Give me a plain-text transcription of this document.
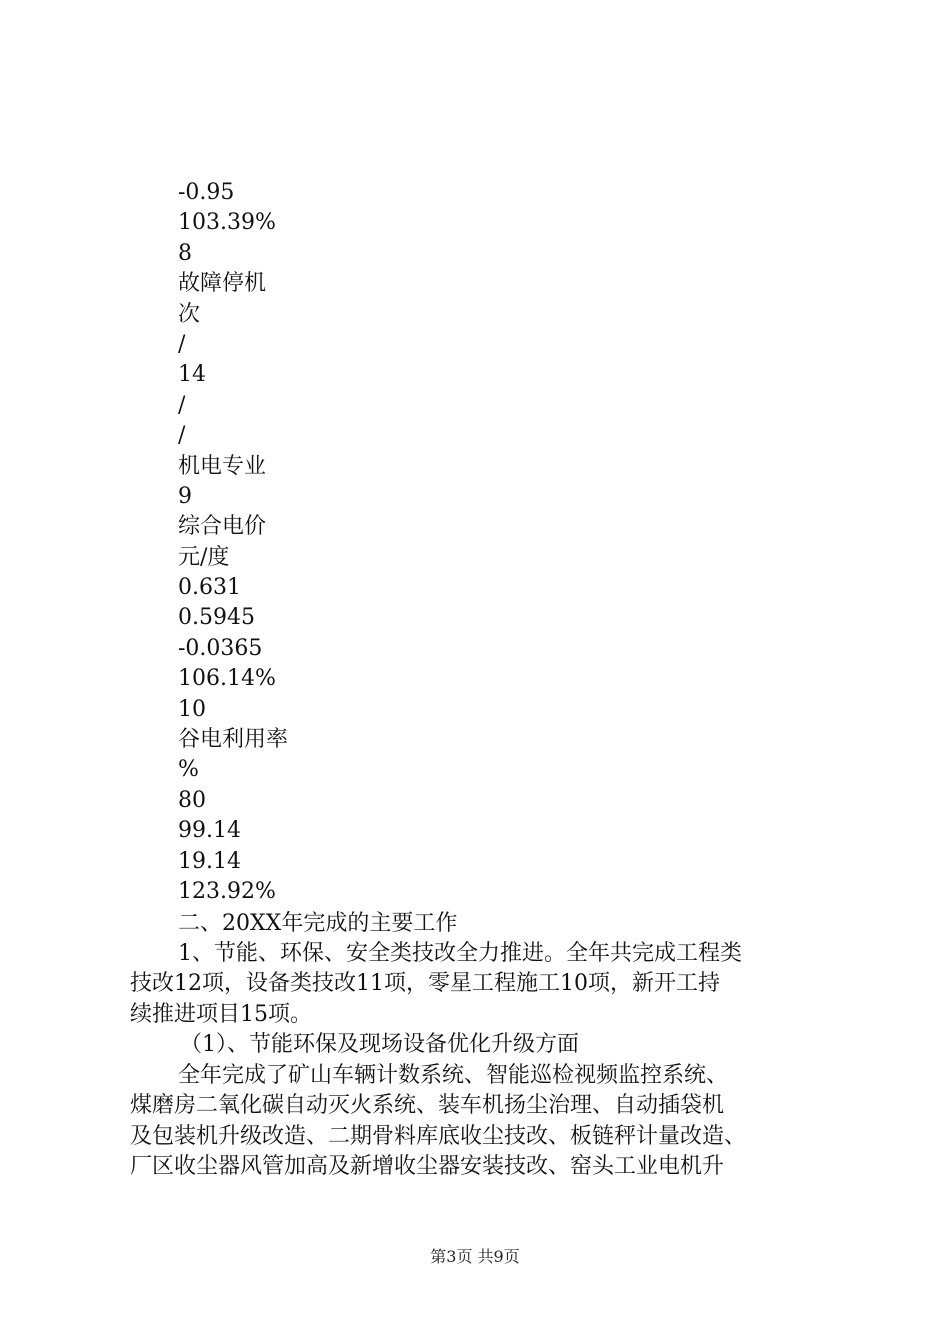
-0.95
103.39%
8
故障停机
次
/
14
/
/
机电专业
9
综合电价
元/度
0.631
0.5945
-0.0365
106.14%
10
谷电利用率
%
80
99.14
19.14
123.92%

二、20XX年完成的主要工作

1、节能、环保、安全类技改全力推进。全年共完成工程类

技改12项，设备类技改11项，零星工程施工10项，新开工持

续推进项目15项。

（1）、节能环保及现场设备优化升级方面

全年完成了矿山车辆计数系统、智能巡检视频监控系统、

煤磨房二氧化碳自动灭火系统、装车机扬尘治理、自动插袋机

及包装机升级改造、二期骨料库底收尘技改、板链秤计量改造、

厂区收尘器风管加高及新增收尘器安装技改、窑头工业电机升

第3页 共9页
